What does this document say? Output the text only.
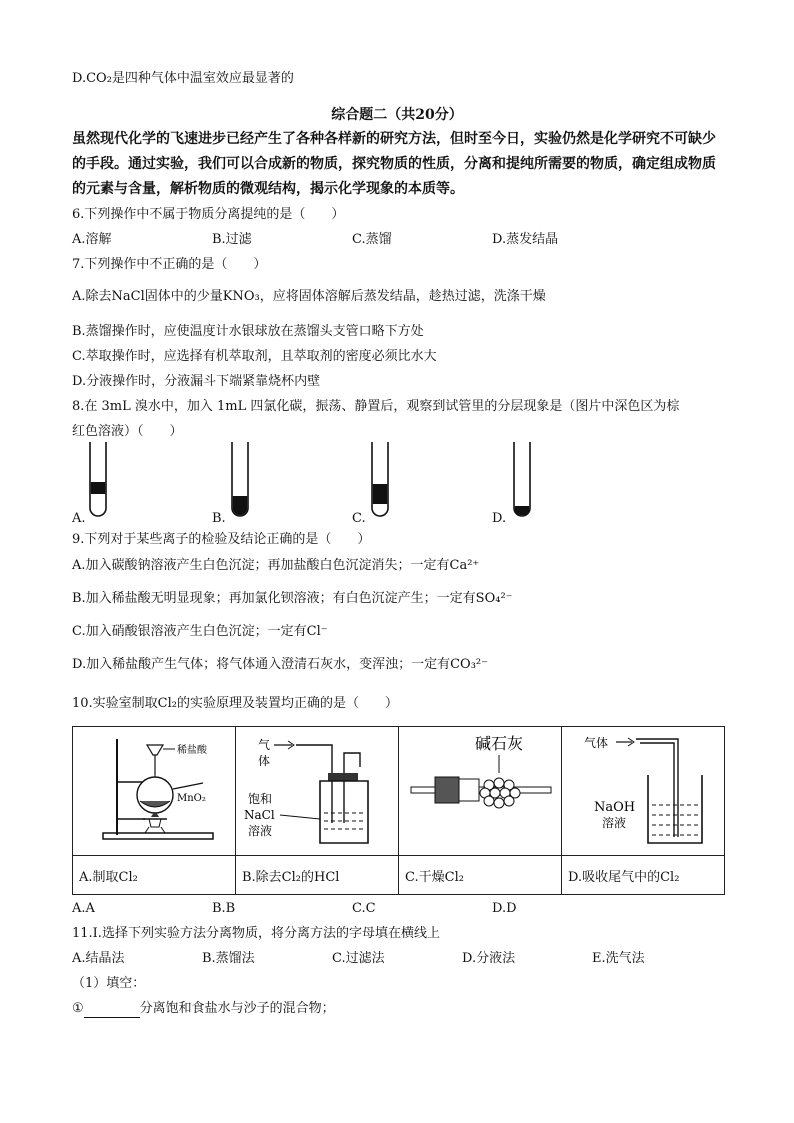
D.CO₂是四种气体中温室效应最显著的
综合题二（共20分）
虽然现代化学的飞速进步已经产生了各种各样新的研究方法，但时至今日，实验仍然是化学研究不可缺少的手段。通过实验，我们可以合成新的物质，探究物质的性质，分离和提纯所需要的物质，确定组成物质的元素与含量，解析物质的微观结构，揭示化学现象的本质等。
6.下列操作中不属于物质分离提纯的是（　　）
A.溶解	B.过滤	C.蒸馏	D.蒸发结晶
7.下列操作中不正确的是（　　）
A.除去NaCl固体中的少量KNO₃，应将固体溶解后蒸发结晶，趁热过滤，洗涤干燥
B.蒸馏操作时，应使温度计水银球放在蒸馏头支管口略下方处
C.萃取操作时，应选择有机萃取剂，且萃取剂的密度必须比水大
D.分液操作时，分液漏斗下端紧靠烧杯内壁
8.在 3mL 溴水中，加入 1mL 四氯化碳，振荡、静置后，观察到试管里的分层现象是（图片中深色区为棕
红色溶液）（　　）
A.	B.	C.	D.
9.下列对于某些离子的检验及结论正确的是（　　）
A.加入碳酸钠溶液产生白色沉淀；再加盐酸白色沉淀消失；一定有Ca²⁺
B.加入稀盐酸无明显现象；再加氯化钡溶液；有白色沉淀产生；一定有SO₄²⁻
C.加入硝酸银溶液产生白色沉淀；一定有Cl⁻
D.加入稀盐酸产生气体；将气体通入澄清石灰水，变浑浊；一定有CO₃²⁻
10.实验室制取Cl₂的实验原理及装置均正确的是（　　）
稀盐酸
MnO₂	气
体
饱和
NaCl
溶液	碱石灰	气体
NaOH
溶液

A.制取Cl₂	B.除去Cl₂的HCl	C.干燥Cl₂	D.吸收尾气中的Cl₂
A.A	B.B	C.C	D.D
11.Ⅰ.选择下列实验方法分离物质，将分离方法的字母填在横线上
A.结晶法	B.蒸馏法	C.过滤法	D.分液法	E.洗气法
（1）填空：
①	分离饱和食盐水与沙子的混合物；
